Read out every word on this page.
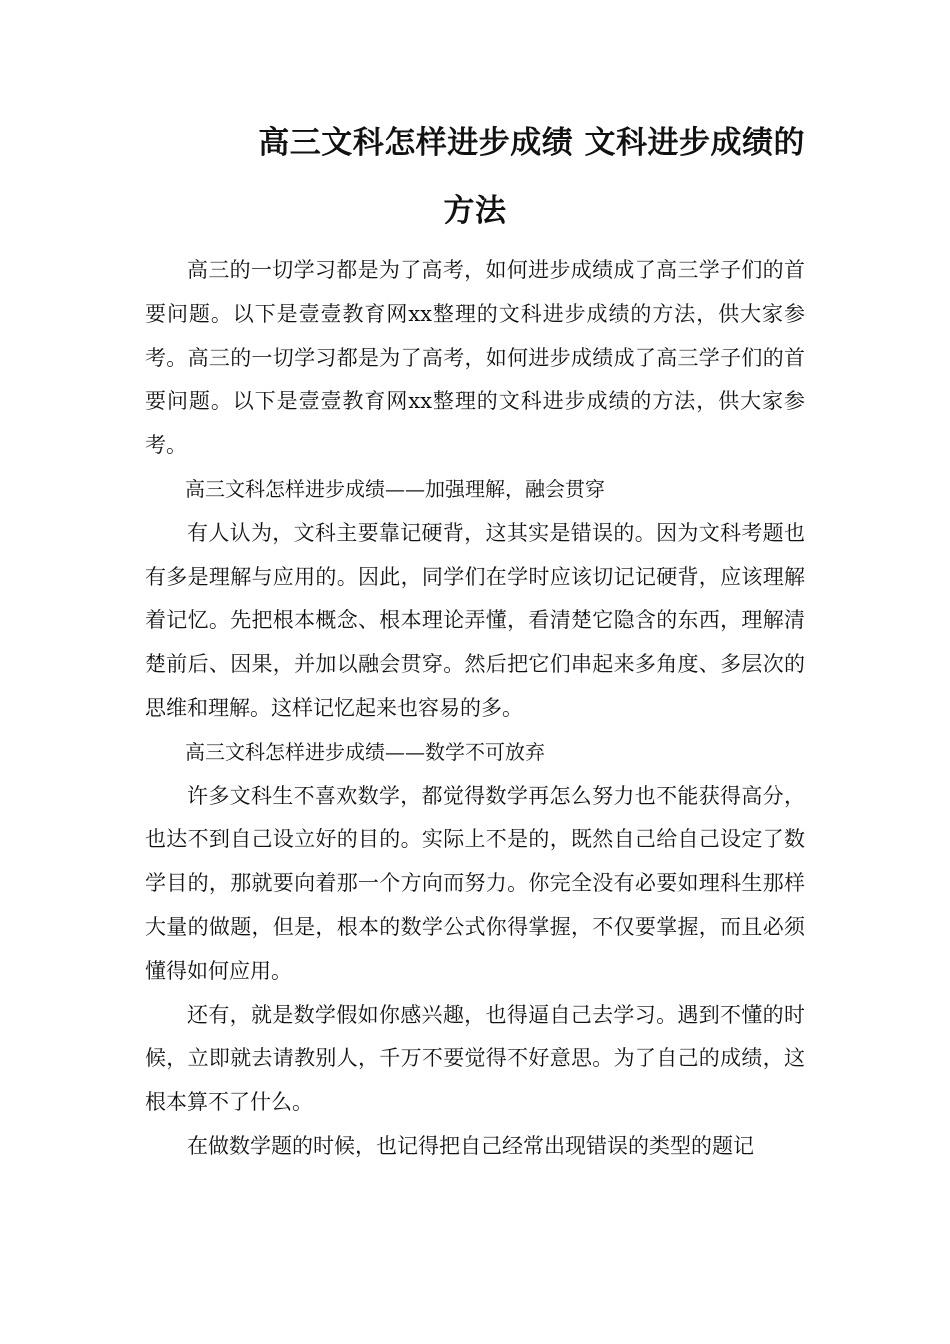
高三文科怎样进步成绩 文科进步成绩的
方法

高三的一切学习都是为了高考，如何进步成绩成了高三学子们的首要问题。以下是壹壹教育网xx整理的文科进步成绩的方法，供大家参考。高三的一切学习都是为了高考，如何进步成绩成了高三学子们的首要问题。以下是壹壹教育网xx整理的文科进步成绩的方法，供大家参考。

高三文科怎样进步成绩——加强理解，融会贯穿

有人认为，文科主要靠记硬背，这其实是错误的。因为文科考题也有多是理解与应用的。因此，同学们在学时应该切记记硬背，应该理解着记忆。先把根本概念、根本理论弄懂，看清楚它隐含的东西，理解清楚前后、因果，并加以融会贯穿。然后把它们串起来多角度、多层次的思维和理解。这样记忆起来也容易的多。

高三文科怎样进步成绩——数学不可放弃

许多文科生不喜欢数学，都觉得数学再怎么努力也不能获得高分，也达不到自己设立好的目的。实际上不是的，既然自己给自己设定了数学目的，那就要向着那一个方向而努力。你完全没有必要如理科生那样大量的做题，但是，根本的数学公式你得掌握，不仅要掌握，而且必须懂得如何应用。

还有，就是数学假如你感兴趣，也得逼自己去学习。遇到不懂的时候，立即就去请教别人，千万不要觉得不好意思。为了自己的成绩，这根本算不了什么。

在做数学题的时候，也记得把自己经常出现错误的类型的题记
